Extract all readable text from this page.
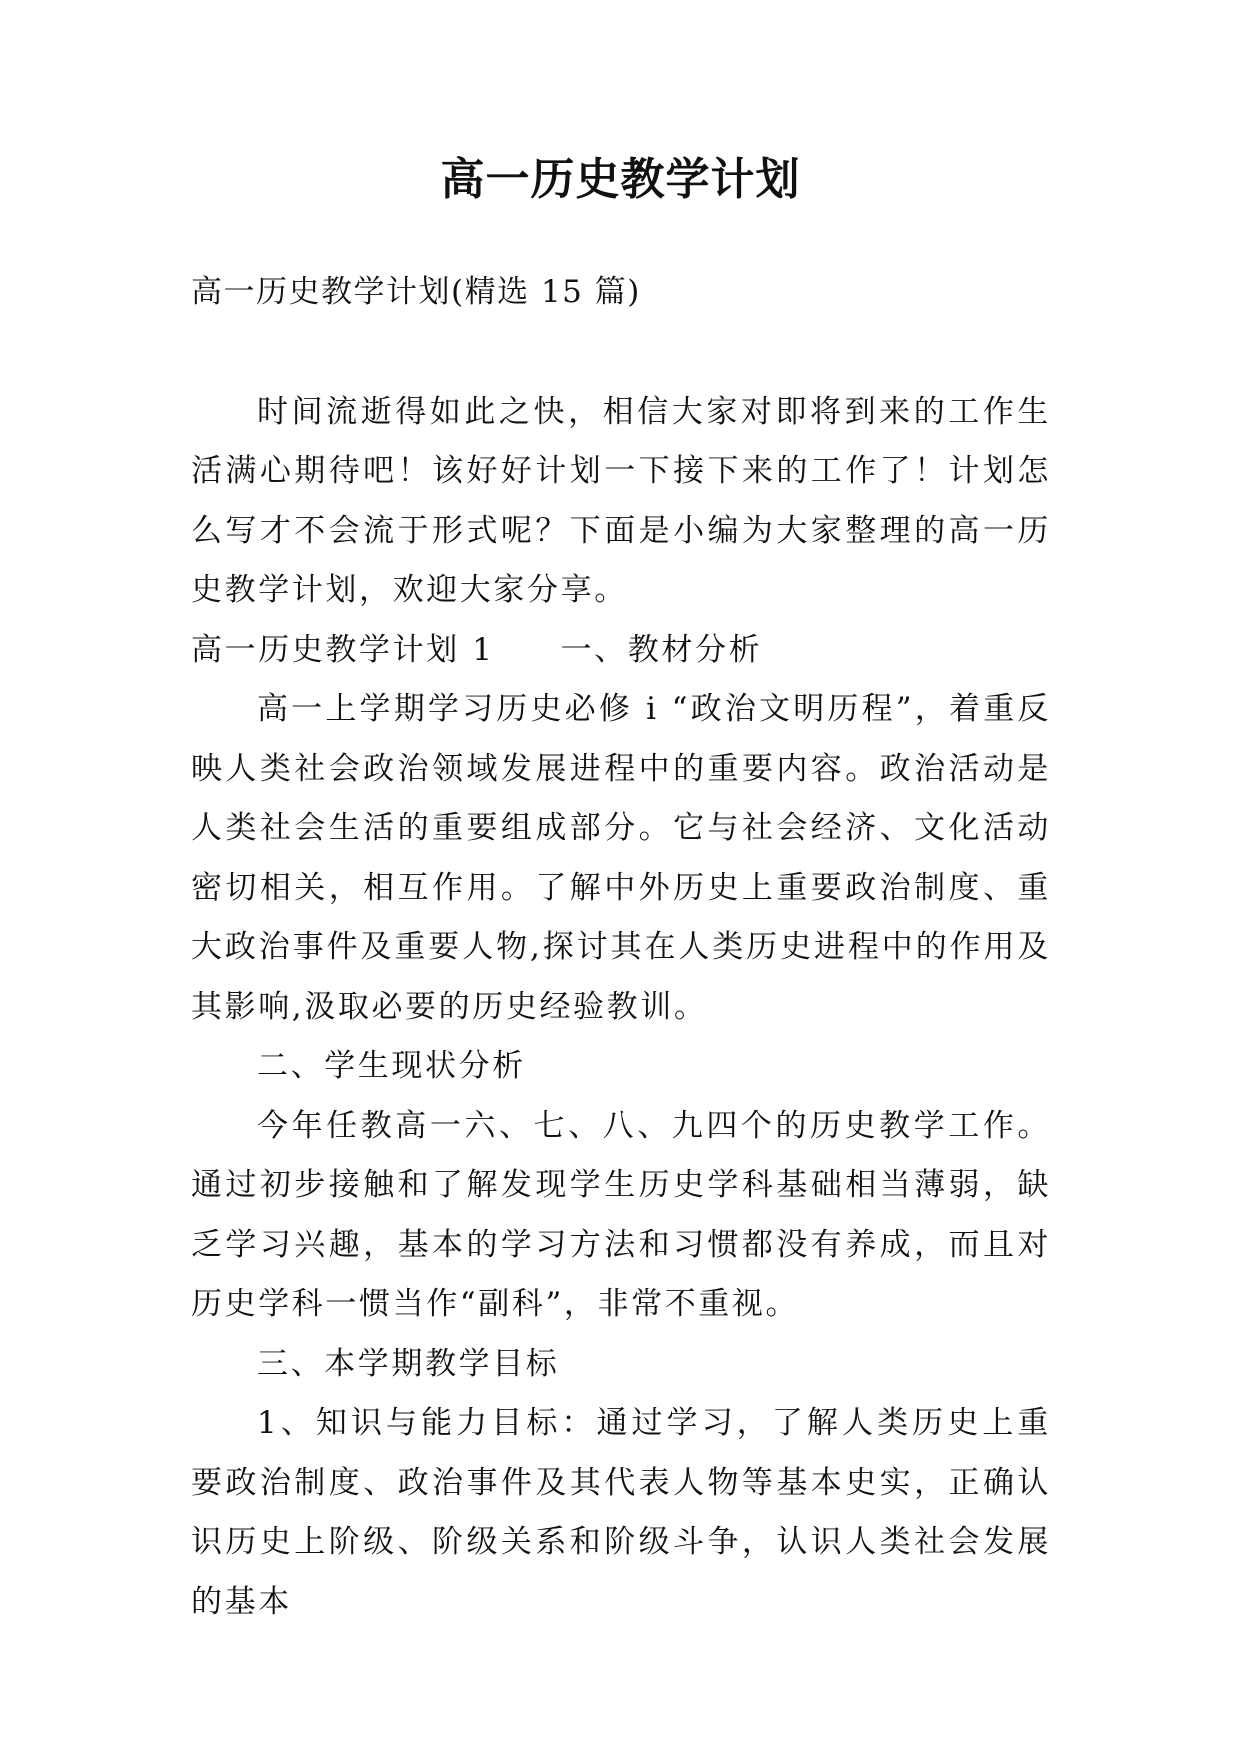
高一历史教学计划

高一历史教学计划(精选 15 篇)

时间流逝得如此之快，相信大家对即将到来的工作生活满心期待吧！该好好计划一下接下来的工作了！计划怎么写才不会流于形式呢？下面是小编为大家整理的高一历史教学计划，欢迎大家分享。

高一历史教学计划 1 一、教材分析

高一上学期学习历史必修 i “政治文明历程”，着重反映人类社会政治领域发展进程中的重要内容。政治活动是人类社会生活的重要组成部分。它与社会经济、文化活动密切相关，相互作用。了解中外历史上重要政治制度、重大政治事件及重要人物,探讨其在人类历史进程中的作用及其影响,汲取必要的历史经验教训。

二、学生现状分析

今年任教高一六、七、八、九四个的历史教学工作。通过初步接触和了解发现学生历史学科基础相当薄弱，缺乏学习兴趣，基本的学习方法和习惯都没有养成，而且对历史学科一惯当作“副科”，非常不重视。

三、本学期教学目标

1、知识与能力目标：通过学习，了解人类历史上重要政治制度、政治事件及其代表人物等基本史实，正确认识历史上阶级、阶级关系和阶级斗争，认识人类社会发展的基本
